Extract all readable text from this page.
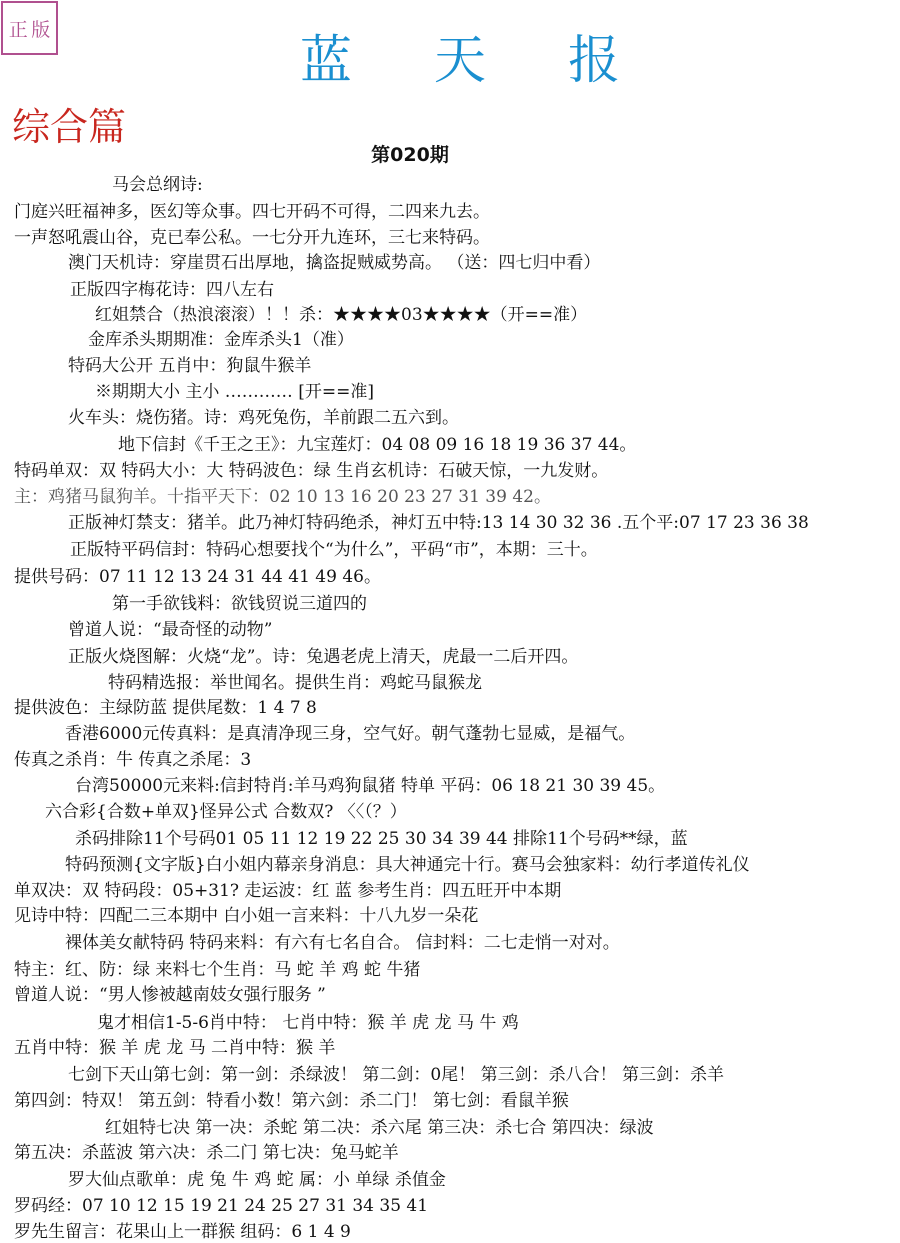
正 版
蓝 天 报
综合篇
第020期
马会总纲诗:
门庭兴旺福神多，医幻等众事。四七开码不可得，二四来九去。
一声怒吼震山谷，克已奉公私。一七分开九连环，三七来特码。
澳门天机诗：穿崖贯石出厚地，擒盗捉贼威势高。 （送：四七归中看）
正版四字梅花诗：四八左右
红姐禁合（热浪滚滚）！！杀：★★★★03★★★★（开==准）
金库杀头期期准：金库杀头1（准）
特码大公开 五肖中：狗鼠牛猴羊
※期期大小 主小 ………… [开==准]
火车头：烧伤猪。诗：鸡死兔伤，羊前跟二五六到。
地下信封《千王之王》：九宝莲灯：04 08 09 16 18 19 36 37 44。
特码单双：双 特码大小：大 特码波色：绿 生肖玄机诗：石破天惊，一九发财。
主：鸡猪马鼠狗羊。十指平天下：02 10 13 16 20 23 27 31 39 42。
正版神灯禁支：猪羊。此乃神灯特码绝杀，神灯五中特:13 14 30 32 36 .五个平:07 17 23 36 38
正版特平码信封：特码心想要找个“为什么”，平码“市”，本期：三十。
提供号码：07 11 12 13 24 31 44 41 49 46。
第一手欲钱料：欲钱贸说三道四的
曾道人说：“最奇怪的动物”
正版火烧图解：火烧“龙”。诗：兔遇老虎上清天，虎最一二后开四。
特码精选报：举世闻名。提供生肖：鸡蛇马鼠猴龙
提供波色：主绿防蓝 提供尾数：1 4 7 8
香港6000元传真料：是真清净现三身，空气好。朝气蓬勃七显威，是福气。
传真之杀肖：牛 传真之杀尾：3
台湾50000元来料:信封特肖:羊马鸡狗鼠猪 特单 平码：06 18 21 30 39 45。
六合彩{合数+单双}怪异公式 合数双? 〈〈（？）
杀码排除11个号码01 05 11 12 19 22 25 30 34 39 44 排除11个号码**绿，蓝
特码预测{文字版}白小姐内幕亲身消息：具大神通完十行。赛马会独家料：幼行孝道传礼仪
单双决：双 特码段：05+31? 走运波：红 蓝 参考生肖：四五旺开中本期
见诗中特：四配二三本期中 白小姐一言来料：十八九岁一朵花
裸体美女献特码 特码来料：有六有七名自合。 信封料：二七走悄一对对。
特主：红、防：绿 来料七个生肖：马 蛇 羊 鸡 蛇 牛猪
曾道人说：“男人惨被越南妓女强行服务 ”
鬼才相信1-5-6肖中特： 七肖中特：猴 羊 虎 龙 马 牛 鸡
五肖中特：猴 羊 虎 龙 马 二肖中特：猴 羊
七剑下天山第七剑：第一剑：杀绿波！ 第二剑：0尾！ 第三剑：杀八合！ 第三剑：杀羊
第四剑：特双！ 第五剑：特看小数！第六剑：杀二门！ 第七剑：看鼠羊猴
红姐特七决 第一决：杀蛇 第二决：杀六尾 第三决：杀七合 第四决：绿波
第五决：杀蓝波 第六决：杀二门 第七决：兔马蛇羊
罗大仙点歌单：虎 兔 牛 鸡 蛇 属：小 单绿 杀值金
罗码经：07 10 12 15 19 21 24 25 27 31 34 35 41
罗先生留言：花果山上一群猴 组码：6 1 4 9
